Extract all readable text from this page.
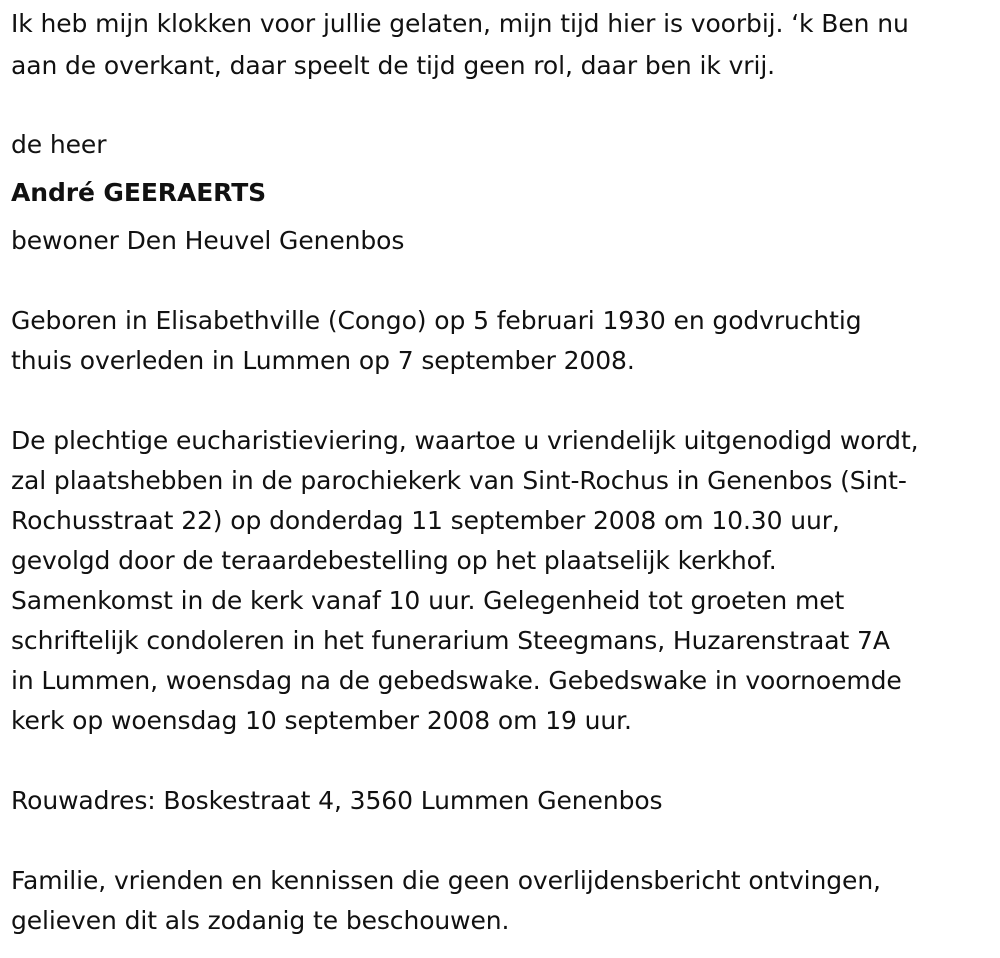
Ik heb mijn klokken voor jullie gelaten, mijn tijd hier is voorbij. ‘k Ben nu

aan de overkant, daar speelt de tijd geen rol, daar ben ik vrij.

de heer

André GEERAERTS

bewoner Den Heuvel Genenbos

Geboren in Elisabethville (Congo) op 5 februari 1930 en godvruchtig

thuis overleden in Lummen op 7 september 2008.

De plechtige eucharistieviering, waartoe u vriendelijk uitgenodigd wordt,

zal plaatshebben in de parochiekerk van Sint-Rochus in Genenbos (Sint-

Rochusstraat 22) op donderdag 11 september 2008 om 10.30 uur,

gevolgd door de teraardebestelling op het plaatselijk kerkhof.

Samenkomst in de kerk vanaf 10 uur. Gelegenheid tot groeten met

schriftelijk condoleren in het funerarium Steegmans, Huzarenstraat 7A

in Lummen, woensdag na de gebedswake. Gebedswake in voornoemde

kerk op woensdag 10 september 2008 om 19 uur.

Rouwadres: Boskestraat 4, 3560 Lummen Genenbos

Familie, vrienden en kennissen die geen overlijdensbericht ontvingen,

gelieven dit als zodanig te beschouwen.
